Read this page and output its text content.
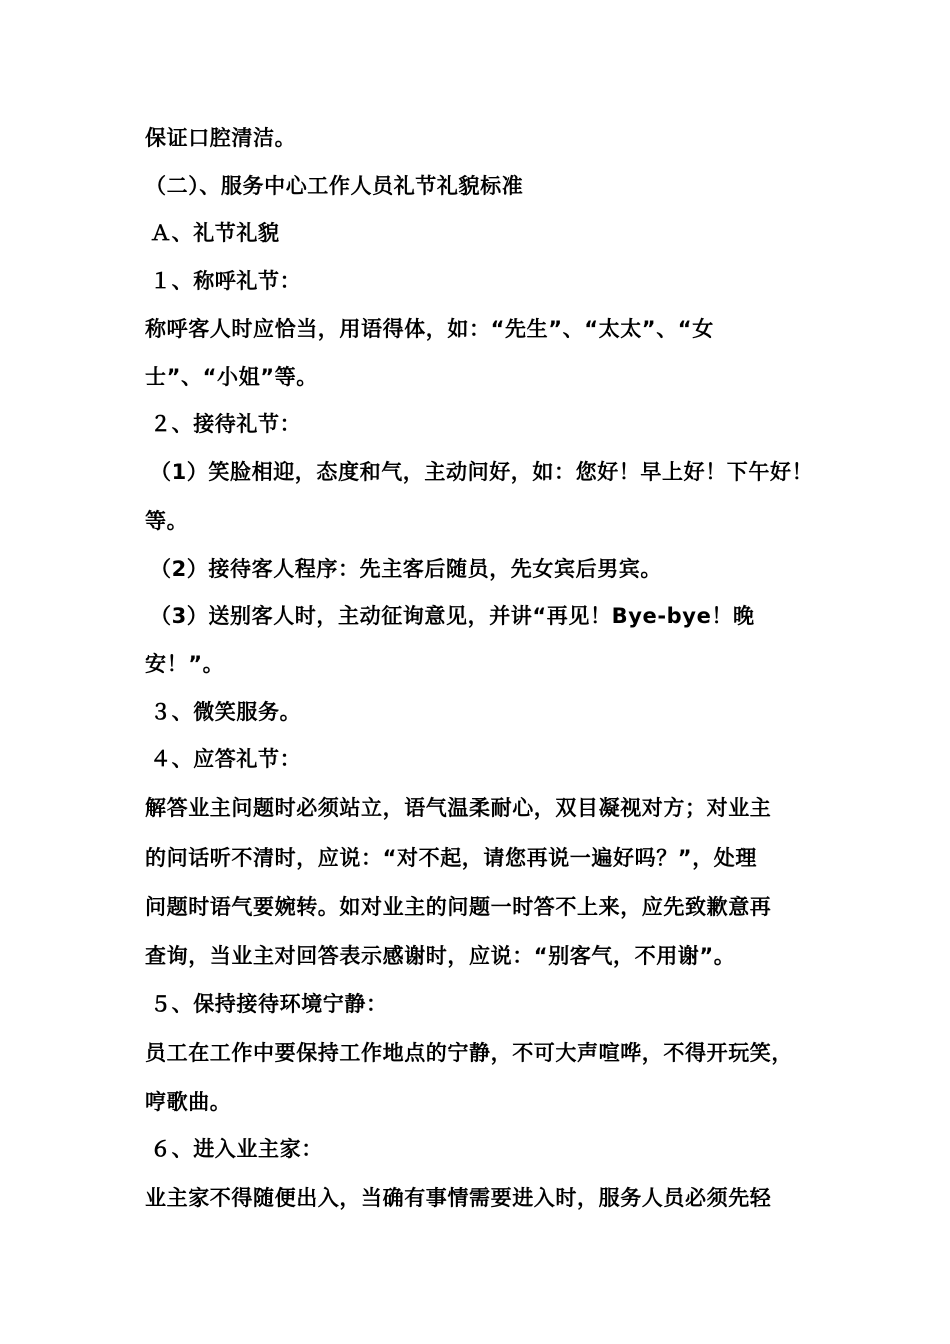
保证口腔清洁。
（二）、服务中心工作人员礼节礼貌标准
Ａ、礼节礼貌
１、称呼礼节：
称呼客人时应恰当，用语得体，如：“先生”、“太太”、“女
士”、“小姐”等。
２、接待礼节：
（1）笑脸相迎，态度和气，主动问好，如：您好！早上好！下午好！
等。
（2）接待客人程序：先主客后随员，先女宾后男宾。
（3）送别客人时，主动征询意见，并讲“再见！Bye-bye！晚
安！”。
３、微笑服务。
４、应答礼节：
解答业主问题时必须站立，语气温柔耐心，双目凝视对方；对业主
的问话听不清时，应说：“对不起，请您再说一遍好吗？”，处理
问题时语气要婉转。如对业主的问题一时答不上来，应先致歉意再
查询，当业主对回答表示感谢时，应说：“别客气，不用谢”。
５、保持接待环境宁静：
员工在工作中要保持工作地点的宁静，不可大声喧哗，不得开玩笑，
哼歌曲。
６、进入业主家：
业主家不得随便出入，当确有事情需要进入时，服务人员必须先轻
